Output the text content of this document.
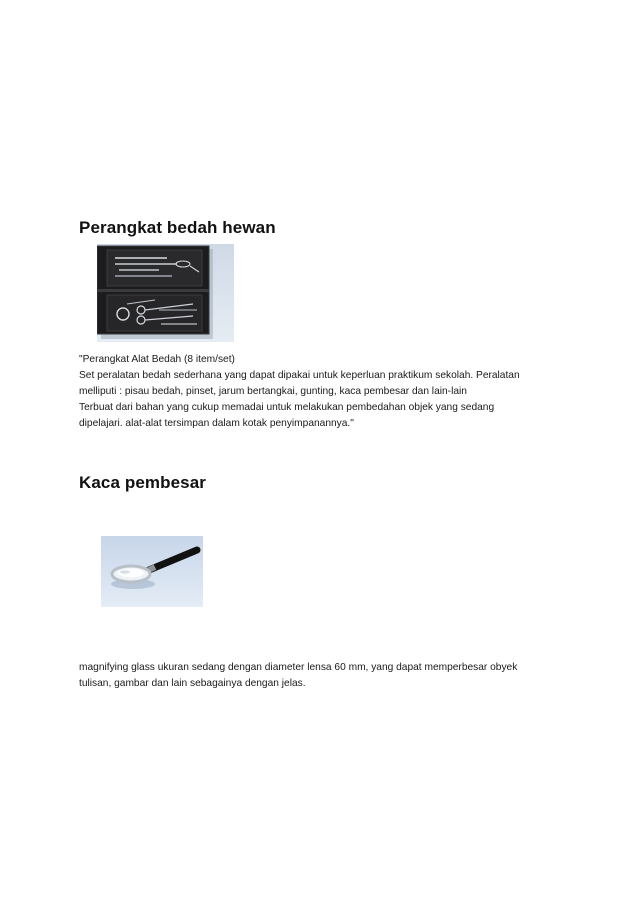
Perangkat bedah hewan
"Perangkat Alat Bedah (8 item/set)
Set peralatan bedah sederhana yang dapat dipakai untuk keperluan praktikum sekolah. Peralatan
melliputi : pisau bedah, pinset, jarum bertangkai, gunting, kaca pembesar dan lain-lain
Terbuat dari bahan yang cukup memadai untuk melakukan pembedahan objek yang sedang
dipelajari. alat-alat tersimpan dalam kotak penyimpanannya."
Kaca pembesar
magnifying glass ukuran sedang dengan diameter lensa 60 mm, yang dapat memperbesar obyek
tulisan, gambar dan lain sebagainya dengan jelas.
